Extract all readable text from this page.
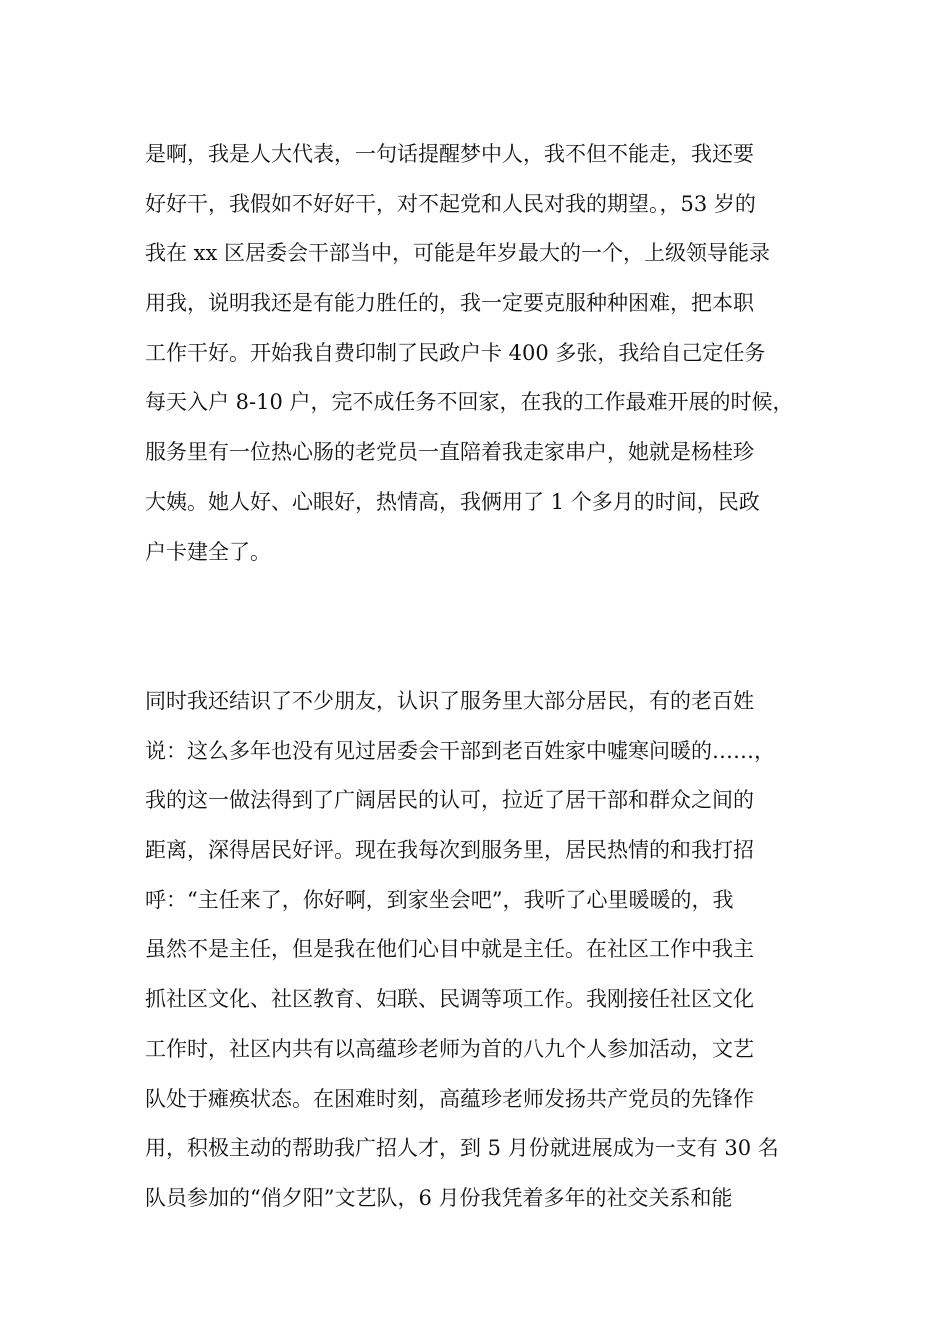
是啊，我是人大代表，一句话提醒梦中人，我不但不能走，我还要
好好干，我假如不好好干，对不起党和人民对我的期望。，53 岁的
我在 xx 区居委会干部当中，可能是年岁最大的一个，上级领导能录
用我，说明我还是有能力胜任的，我一定要克服种种困难，把本职
工作干好。开始我自费印制了民政户卡 400 多张，我给自己定任务
每天入户 8-10 户，完不成任务不回家，在我的工作最难开展的时候，
服务里有一位热心肠的老党员一直陪着我走家串户，她就是杨桂珍
大姨。她人好、心眼好，热情高，我俩用了 1 个多月的时间，民政
户卡建全了。
同时我还结识了不少朋友，认识了服务里大部分居民，有的老百姓
说：这么多年也没有见过居委会干部到老百姓家中嘘寒问暖的……，
我的这一做法得到了广阔居民的认可，拉近了居干部和群众之间的
距离，深得居民好评。现在我每次到服务里，居民热情的和我打招
呼：“主任来了，你好啊，到家坐会吧”，我听了心里暖暖的，我
虽然不是主任，但是我在他们心目中就是主任。在社区工作中我主
抓社区文化、社区教育、妇联、民调等项工作。我刚接任社区文化
工作时，社区内共有以高蕴珍老师为首的八九个人参加活动，文艺
队处于瘫痪状态。在困难时刻，高蕴珍老师发扬共产党员的先锋作
用，积极主动的帮助我广招人才，到 5 月份就进展成为一支有 30 名
队员参加的“俏夕阳”文艺队，6 月份我凭着多年的社交关系和能
